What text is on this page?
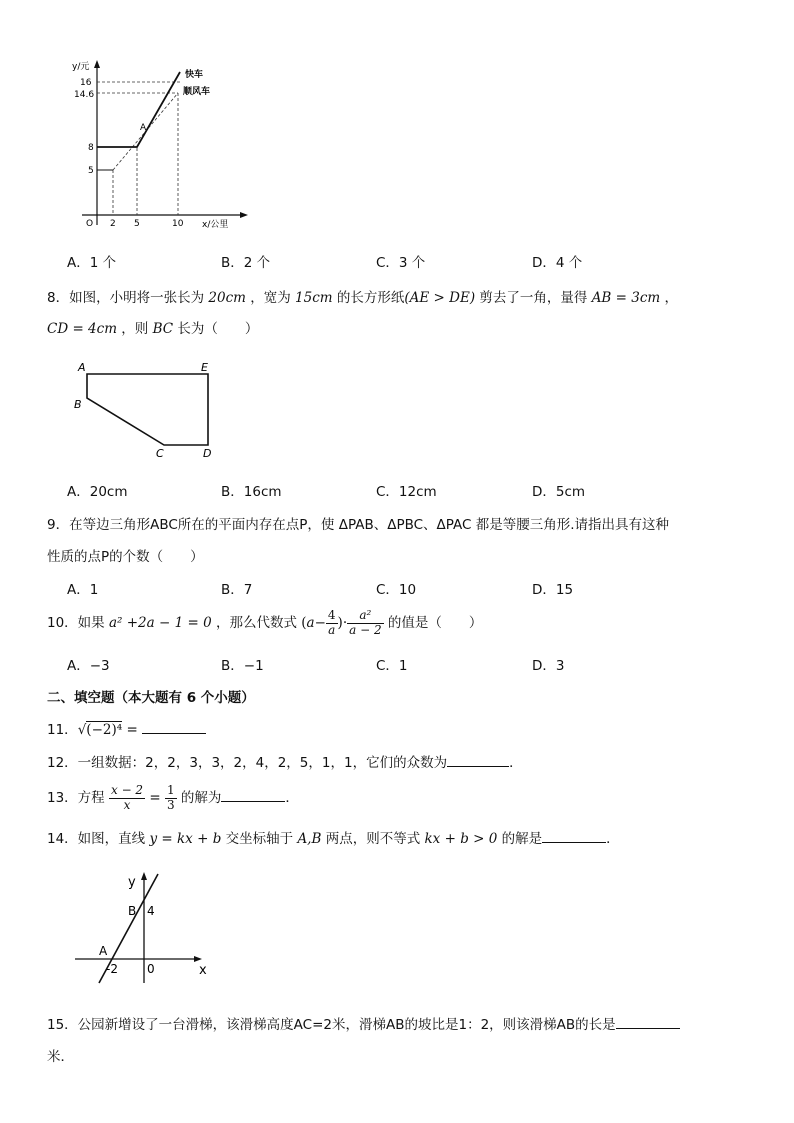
y/元
16
14.6
8
5
O 2 5	10 x/公里
A
快车
顺风车
A．1 个	B．2 个	C．3 个	D．4 个
8．如图，小明将一张长为 20cm ，宽为 15cm 的长方形纸(AE > DE) 剪去了一角，量得 AB = 3cm ，
CD = 4cm ，则 BC 长为（　　）
A	E
B
C	D
A．20cm	B．16cm	C．12cm	D．5cm
9．在等边三角形ABC所在的平面内存在点P，使 ΔPAB、ΔPBC、ΔPAC 都是等腰三角形.请指出具有这种
性质的点P的个数（　　）
A．1	B．7	C．10	D．15
10．如果 a² +2a − 1 = 0 ，那么代数式 ($a- \frac{4}{a}$ )· $\frac{\text{a²}}{a - 2}$ 的值是（　　）
A．−3	B．−1	C．1	D．3
二、填空题（本大题有 6 个小题）
11．√(−2)⁴ =
12．一组数据：2，2，3，3，2，4，2，5，1，1，它们的众数为	．
13．方程 $\frac{x - 2}{x} = \frac{1}{3}$ 的解为	．
14．如图，直线 y = kx + b 交坐标轴于 A,B 两点，则不等式 kx + b > 0 的解是	．
y
x
B 4
A
-2 0
15．公园新增设了一台滑梯，该滑梯高度AC=2米，滑梯AB的坡比是1：2，则该滑梯AB的长是
米．
